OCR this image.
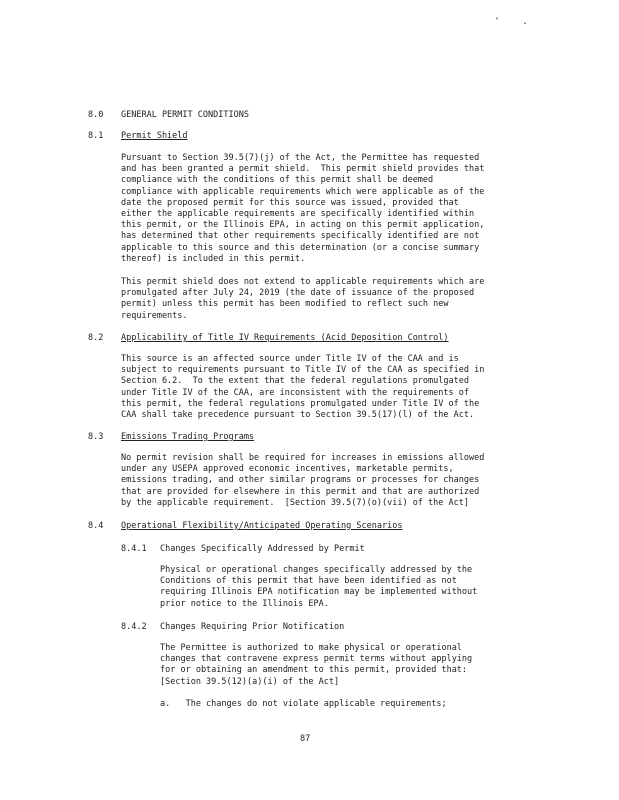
' .
8.0 GENERAL PERMIT CONDITIONS
8.1 Permit Shield

Pursuant to Section 39.5(7)(j) of the Act, the Permittee has requested
and has been granted a permit shield.  This permit shield provides that
compliance with the conditions of this permit shall be deemed
compliance with applicable requirements which were applicable as of the
date the proposed permit for this source was issued, provided that
either the applicable requirements are specifically identified within
this permit, or the Illinois EPA, in acting on this permit application,
has determined that other requirements specifically identified are not
applicable to this source and this determination (or a concise summary
thereof) is included in this permit.

This permit shield does not extend to applicable requirements which are
promulgated after July 24, 2019 (the date of issuance of the proposed
permit) unless this permit has been modified to reflect such new
requirements.

8.2 Applicability of Title IV Requirements (Acid Deposition Control)

This source is an affected source under Title IV of the CAA and is
subject to requirements pursuant to Title IV of the CAA as specified in
Section 6.2.  To the extent that the federal regulations promulgated
under Title IV of the CAA, are inconsistent with the requirements of
this permit, the federal regulations promulgated under Title IV of the
CAA shall take precedence pursuant to Section 39.5(17)(l) of the Act.

8.3 Emissions Trading Programs

No permit revision shall be required for increases in emissions allowed
under any USEPA approved economic incentives, marketable permits,
emissions trading, and other similar programs or processes for changes
that are provided for elsewhere in this permit and that are authorized
by the applicable requirement.  [Section 39.5(7)(o)(vii) of the Act]

8.4 Operational Flexibility/Anticipated Operating Scenarios
8.4.1 Changes Specifically Addressed by Permit

Physical or operational changes specifically addressed by the
Conditions of this permit that have been identified as not
requiring Illinois EPA notification may be implemented without
prior notice to the Illinois EPA.

8.4.2 Changes Requiring Prior Notification

The Permittee is authorized to make physical or operational
changes that contravene express permit terms without applying
for or obtaining an amendment to this permit, provided that:
[Section 39.5(12)(a)(i) of the Act]

a.   The changes do not violate applicable requirements;

87
